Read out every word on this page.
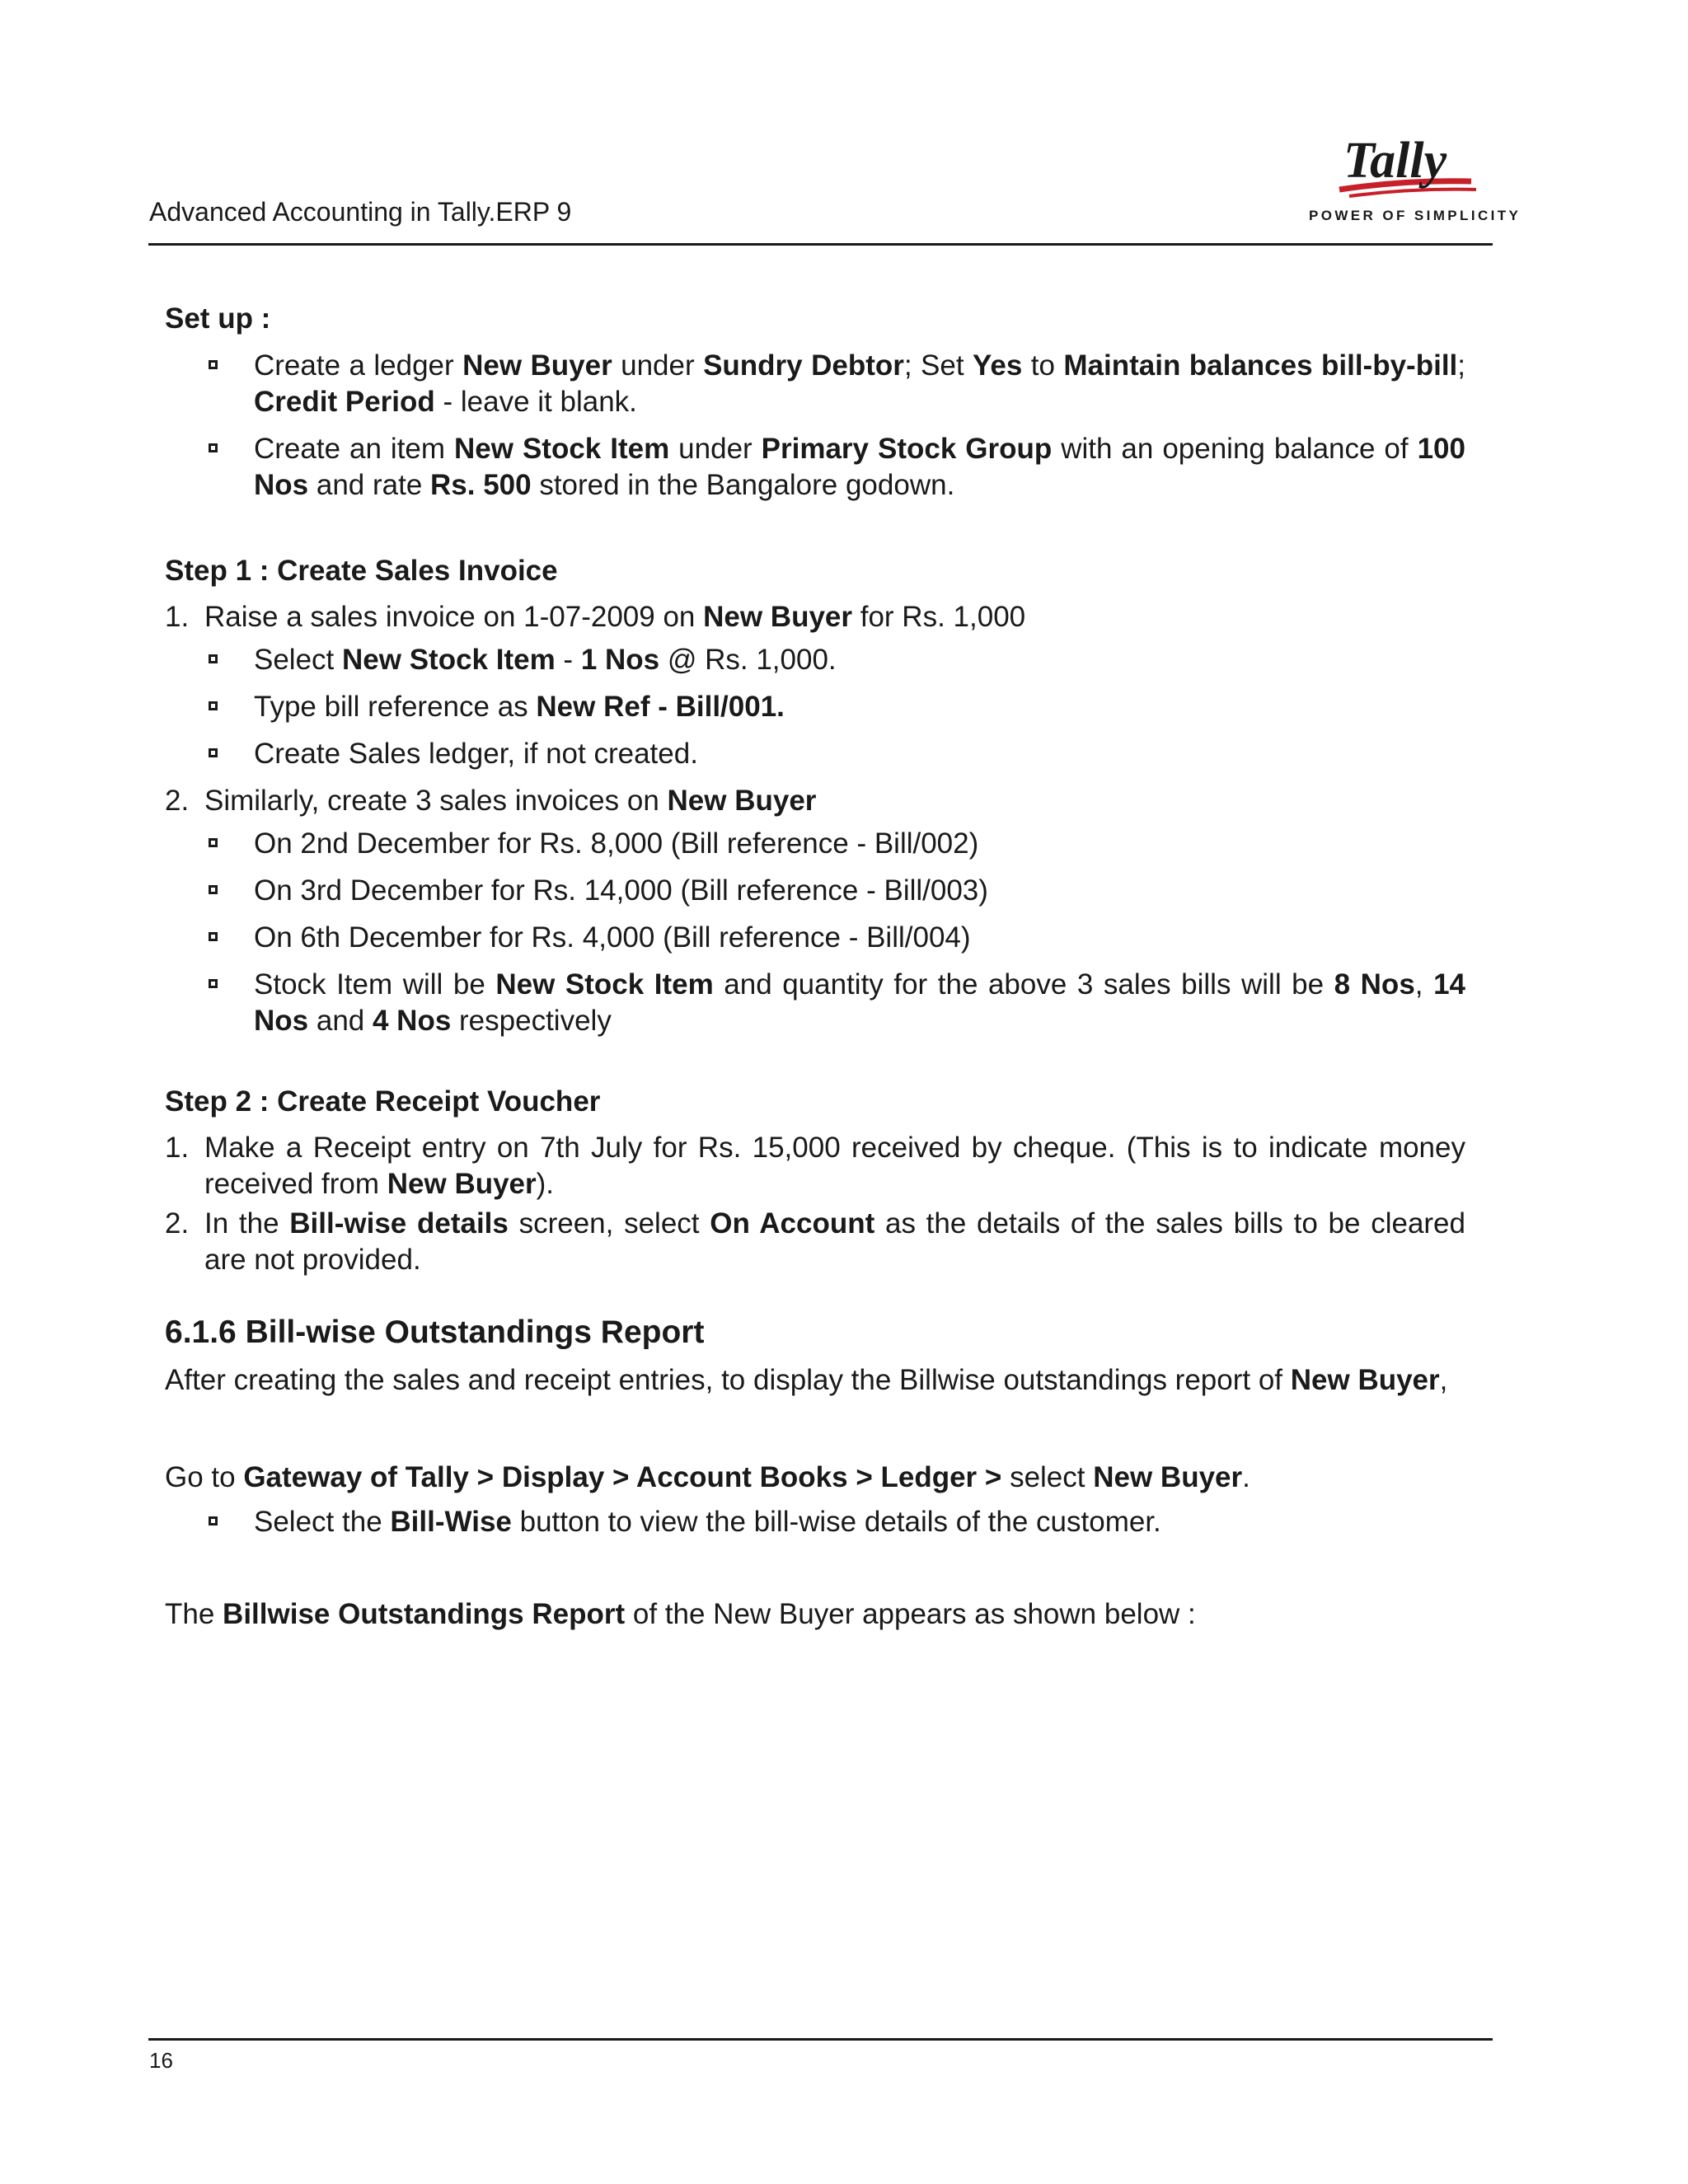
Advanced Accounting in Tally.ERP 9
Tally
POWER OF SIMPLICITY

Set up :

Create a ledger New Buyer under Sundry Debtor; Set Yes to Maintain balances bill-by-bill; Credit Period - leave it blank.
Create an item New Stock Item under Primary Stock Group with an opening balance of 100 Nos and rate Rs. 500 stored in the Bangalore godown.

Step 1 : Create Sales Invoice

1. Raise a sales invoice on 1-07-2009 on New Buyer for Rs. 1,000
Select New Stock Item - 1 Nos @ Rs. 1,000.
Type bill reference as New Ref - Bill/001.
Create Sales ledger, if not created.
2. Similarly, create 3 sales invoices on New Buyer
On 2nd December for Rs. 8,000 (Bill reference - Bill/002)
On 3rd December for Rs. 14,000 (Bill reference - Bill/003)
On 6th December for Rs. 4,000 (Bill reference - Bill/004)
Stock Item will be New Stock Item and quantity for the above 3 sales bills will be 8 Nos, 14 Nos and 4 Nos respectively

Step 2 : Create Receipt Voucher

1. Make a Receipt entry on 7th July for Rs. 15,000 received by cheque. (This is to indicate money received from New Buyer).
2. In the Bill-wise details screen, select On Account as the details of the sales bills to be cleared are not provided.

6.1.6 Bill-wise Outstandings Report

After creating the sales and receipt entries, to display the Billwise outstandings report of New Buyer,

Go to Gateway of Tally > Display > Account Books > Ledger > select New Buyer.

Select the Bill-Wise button to view the bill-wise details of the customer.

The Billwise Outstandings Report of the New Buyer appears as shown below :

16
